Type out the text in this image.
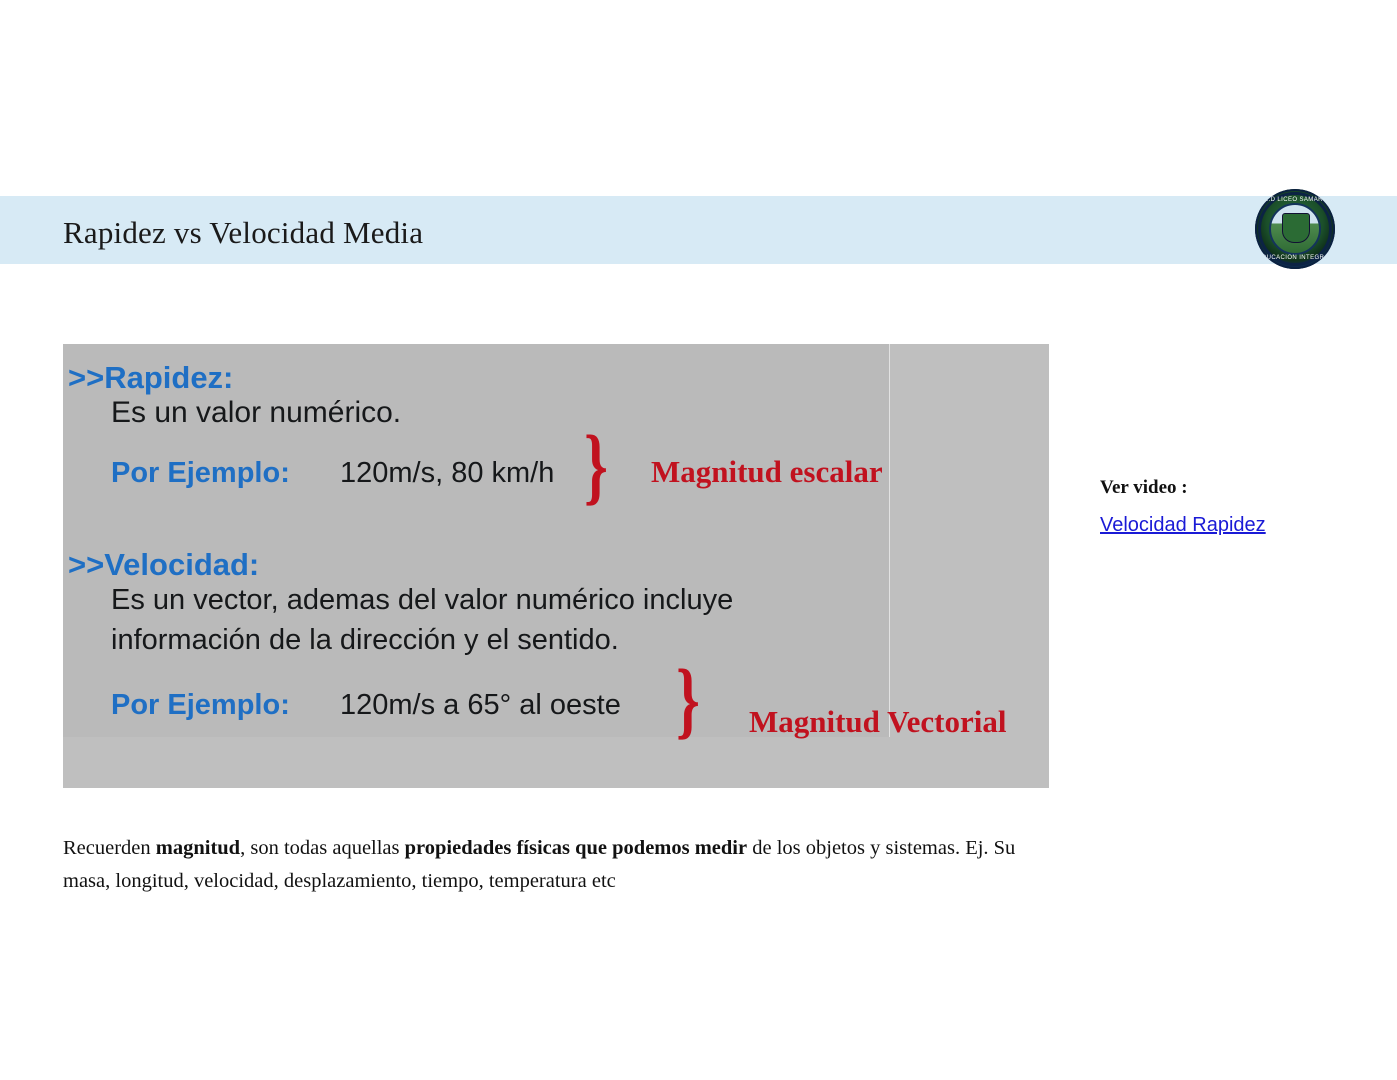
Rapidez vs Velocidad Media
I.E.D LICEO SAMARIO
EDUCACION INTEGRAL
>>Rapidez:
Es un valor numérico.
Por Ejemplo: 120m/s, 80 km/h } Magnitud escalar
>>Velocidad:
Es un vector, ademas del valor numérico incluye
información de la dirección y el sentido.
Por Ejemplo: 120m/s a 65° al oeste } Magnitud Vectorial
Ver video :
Velocidad Rapidez
Recuerden magnitud, son todas aquellas propiedades físicas que podemos medir de los objetos y sistemas. Ej. Su masa, longitud, velocidad, desplazamiento, tiempo, temperatura etc
